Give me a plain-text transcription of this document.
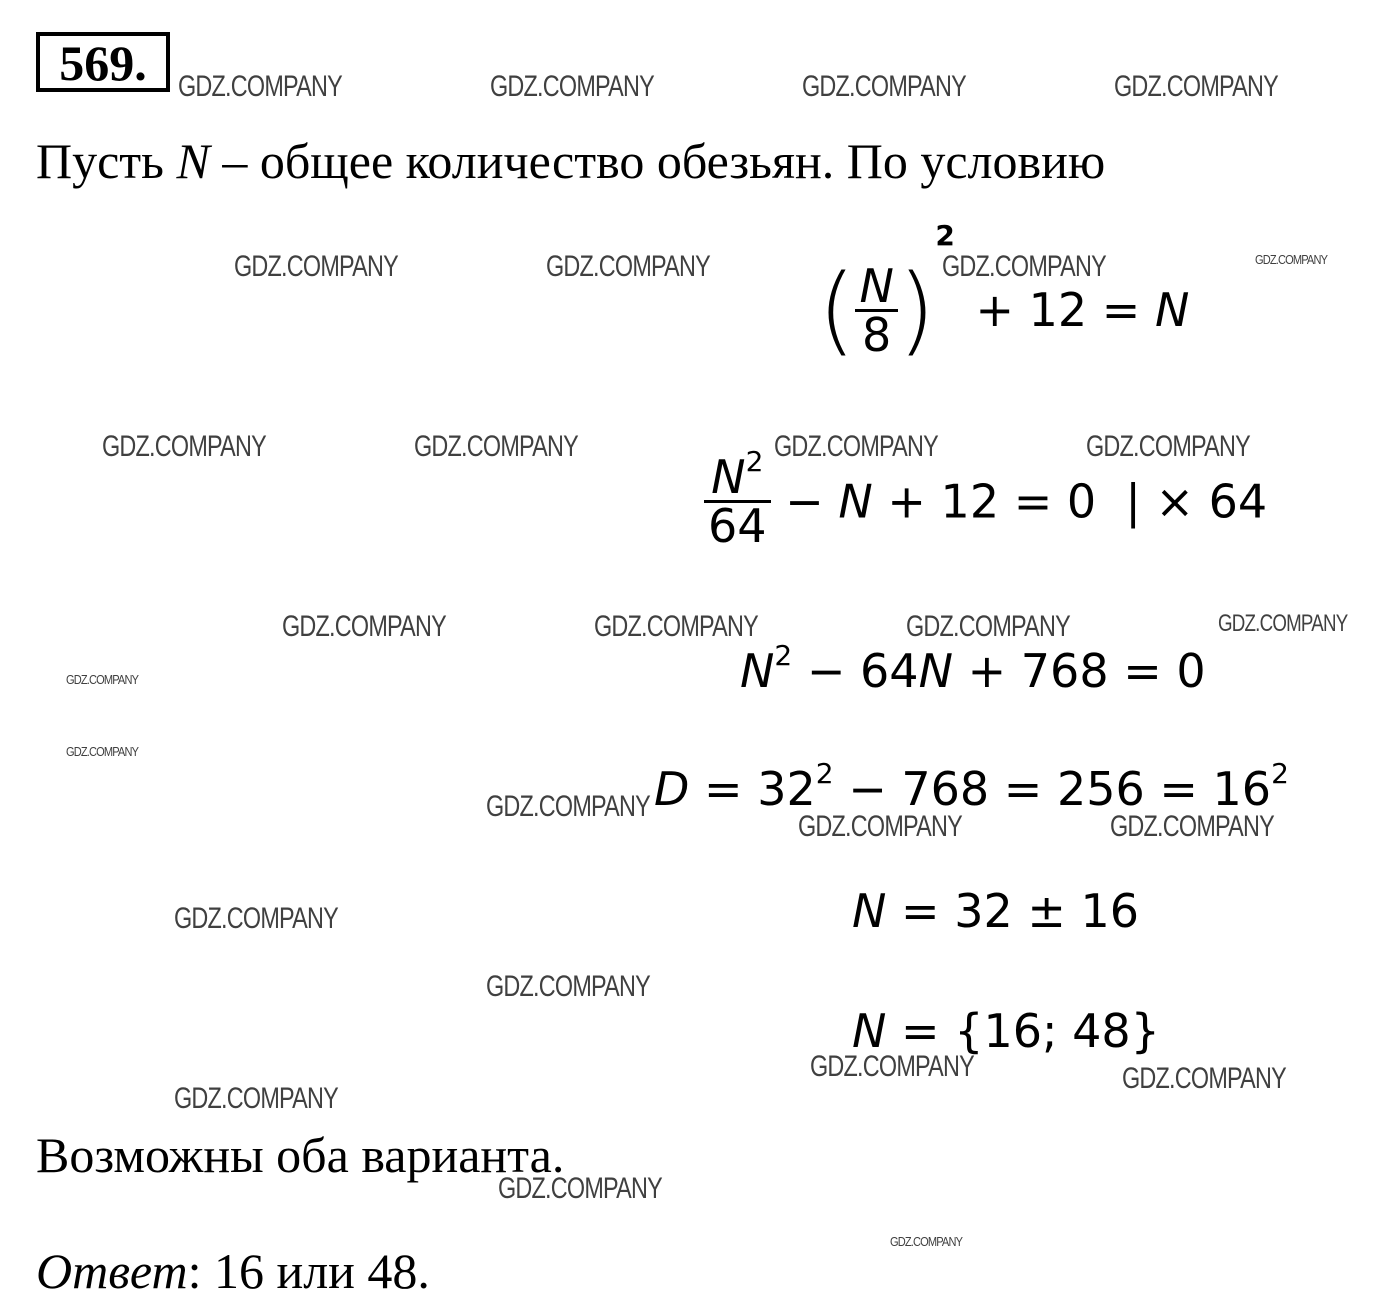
569.
Пусть N – общее количество обезьян. По условию
( $\frac{N}{8} )^2 + 12 = N$
$\frac{N^2}{64} - N + 12 = 0$  | × 64
$N^2 - 64N + 768 = 0$
$D = 32^2 - 768 = 256 = 16^2$
N = 32 ± 16
N = {16; 48}
Возможны оба варианта.
Ответ: 16 или 48.
GDZ.COMPANY	GDZ.COMPANY	GDZ.COMPANY	GDZ.COMPANY
GDZ.COMPANY	GDZ.COMPANY	GDZ.COMPANY	GDZ.COMPANY
GDZ.COMPANY	GDZ.COMPANY	GDZ.COMPANY	GDZ.COMPANY
GDZ.COMPANY	GDZ.COMPANY	GDZ.COMPANY	GDZ.COMPANY
GDZ.COMPANY
GDZ.COMPANY
GDZ.COMPANY
GDZ.COMPANY	GDZ.COMPANY
GDZ.COMPANY
GDZ.COMPANY
GDZ.COMPANY	GDZ.COMPANY
GDZ.COMPANY
GDZ.COMPANY
GDZ.COMPANY
